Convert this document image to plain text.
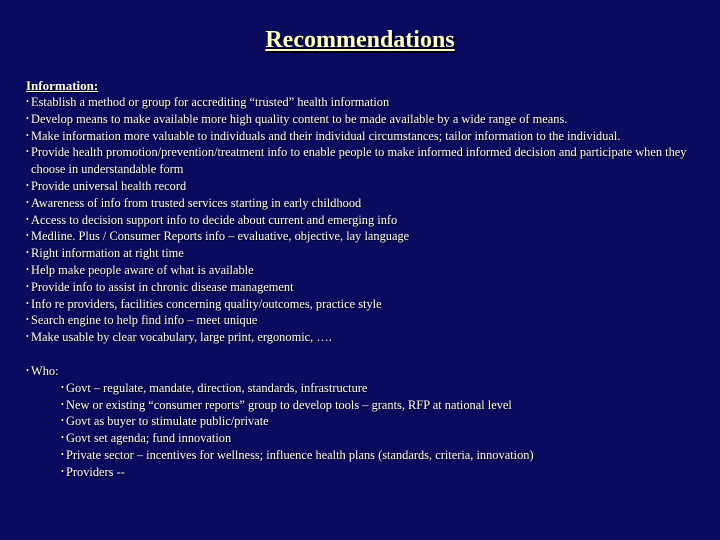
Recommendations
Information:
• Establish a method or group for accrediting “trusted” health information
• Develop means to make available more high quality content to be made available by a wide range of means.
• Make information more valuable to individuals and their individual circumstances; tailor information to the individual.
• Provide health promotion/prevention/treatment info to enable people to make informed informed decision and participate when they choose in understandable form
• Provide universal health record
• Awareness of info from trusted services starting in early childhood
• Access to decision support info to decide about current and emerging info
• Medline. Plus / Consumer Reports info – evaluative, objective, lay language
• Right information at right time
• Help make people aware of what is available
• Provide info to assist in chronic disease management
• Info re providers, facilities concerning quality/outcomes, practice style
• Search engine to help find info – meet unique
• Make usable by clear vocabulary, large print, ergonomic, ….
• Who:
• Govt – regulate, mandate, direction, standards, infrastructure
• New or existing “consumer reports” group to develop tools – grants, RFP at national level
• Govt as buyer to stimulate public/private
• Govt set agenda; fund innovation
• Private sector – incentives for wellness; influence health plans (standards, criteria, innovation)
• Providers --
